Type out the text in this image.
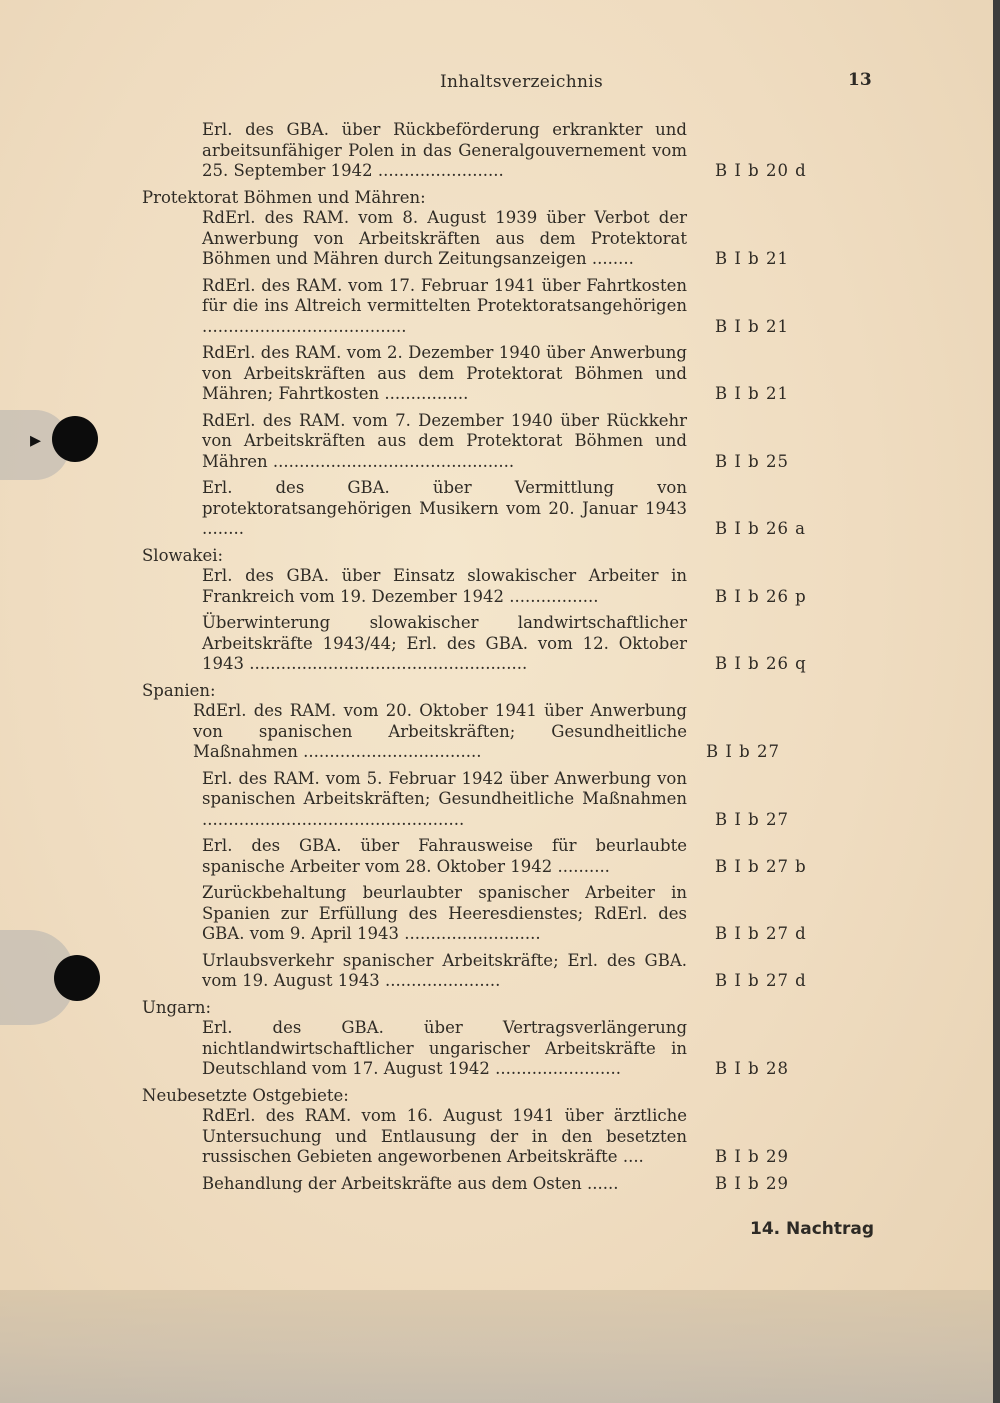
▸
Inhaltsverzeichnis	13
Erl. des GBA. über Rückbeförderung erkrankter und arbeitsunfähiger Polen in das Generalgouvernement vom 25. September 1942 ........................	B I b 20 d
Protektorat Böhmen und Mähren:
RdErl. des RAM. vom 8. August 1939 über Verbot der Anwerbung von Arbeitskräften aus dem Protektorat Böhmen und Mähren durch Zeitungsanzeigen ........	B I b 21
RdErl. des RAM. vom 17. Februar 1941 über Fahrtkosten für die ins Altreich vermittelten Protektoratsangehörigen .......................................	B I b 21
RdErl. des RAM. vom 2. Dezember 1940 über Anwerbung von Arbeitskräften aus dem Protektorat Böhmen und Mähren; Fahrtkosten ................	B I b 21
RdErl. des RAM. vom 7. Dezember 1940 über Rückkehr von Arbeitskräften aus dem Protektorat Böhmen und Mähren ..............................................	B I b 25
Erl. des GBA. über Vermittlung von protektoratsangehörigen Musikern vom 20. Januar 1943 ........	B I b 26 a
Slowakei:
Erl. des GBA. über Einsatz slowakischer Arbeiter in Frankreich vom 19. Dezember 1942 .................	B I b 26 p
Überwinterung slowakischer landwirtschaftlicher Arbeitskräfte 1943/44; Erl. des GBA. vom 12. Oktober 1943 .....................................................	B I b 26 q
Spanien:
RdErl. des RAM. vom 20. Oktober 1941 über Anwerbung von spanischen Arbeitskräften; Gesundheitliche Maßnahmen ..................................	B I b 27
Erl. des RAM. vom 5. Februar 1942 über Anwerbung von spanischen Arbeitskräften; Gesundheitliche Maßnahmen ..................................................	B I b 27
Erl. des GBA. über Fahrausweise für beurlaubte spanische Arbeiter vom 28. Oktober 1942 ..........	B I b 27 b
Zurückbehaltung beurlaubter spanischer Arbeiter in Spanien zur Erfüllung des Heeresdienstes; RdErl. des GBA. vom 9. April 1943 ..........................	B I b 27 d
Urlaubsverkehr spanischer Arbeitskräfte; Erl. des GBA. vom 19. August 1943 ......................	B I b 27 d
Ungarn:
Erl. des GBA. über Vertragsverlängerung nichtlandwirtschaftlicher ungarischer Arbeitskräfte in Deutschland vom 17. August 1942 ........................	B I b 28
Neubesetzte Ostgebiete:
RdErl. des RAM. vom 16. August 1941 über ärztliche Untersuchung und Entlausung der in den besetzten russischen Gebieten angeworbenen Arbeitskräfte ....	B I b 29
Behandlung der Arbeitskräfte aus dem Osten ......	B I b 29
14. Nachtrag
